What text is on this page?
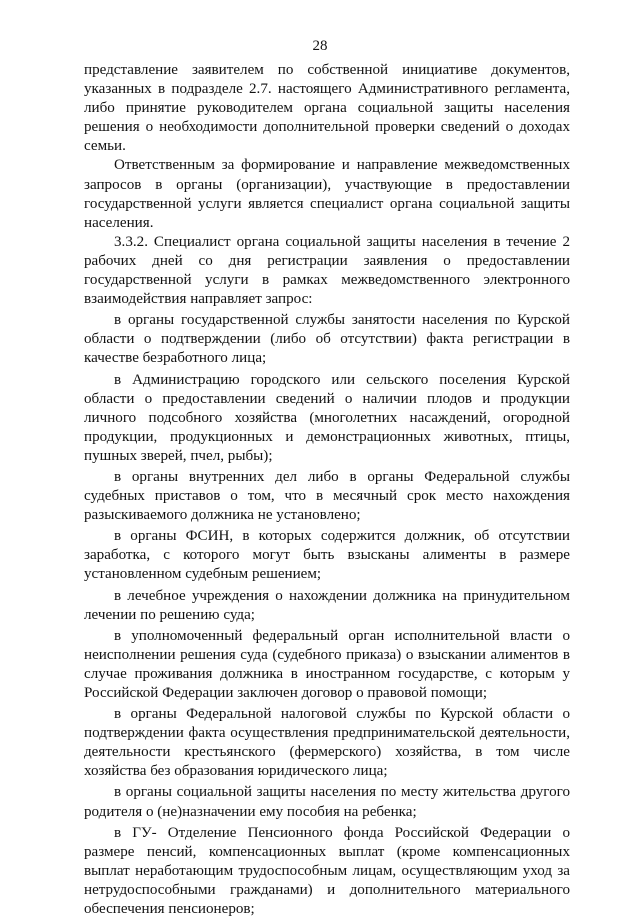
28

представление заявителем по собственной инициативе документов, указанных в подразделе 2.7. настоящего Административного регламента, либо принятие руководителем органа социальной защиты населения решения о необходимости дополнительной проверки сведений о доходах семьи.

Ответственным за формирование и направление межведомственных запросов в органы (организации), участвующие в предоставлении государственной услуги является специалист органа социальной защиты населения.

3.3.2. Специалист органа социальной защиты населения в течение 2 рабочих дней со дня регистрации заявления о предоставлении государственной услуги в рамках межведомственного электронного взаимодействия направляет запрос:

в органы государственной службы занятости населения по Курской области о подтверждении (либо об отсутствии) факта регистрации в качестве безработного лица;

в Администрацию городского или сельского поселения Курской области о предоставлении сведений о наличии плодов и продукции личного подсобного хозяйства (многолетних насаждений, огородной продукции, продукционных и демонстрационных животных, птицы, пушных зверей, пчел, рыбы);

в органы внутренних дел либо в органы Федеральной службы судебных приставов о том, что в месячный срок место нахождения разыскиваемого должника не установлено;

в органы ФСИН, в которых содержится должник, об отсутствии заработка, с которого могут быть взысканы алименты в размере установленном судебным решением;

в лечебное учреждения о нахождении должника на принудительном лечении по решению суда;

в уполномоченный федеральный орган исполнительной власти о неисполнении решения суда (судебного приказа) о взыскании алиментов в случае проживания должника в иностранном государстве, с которым у Российской Федерации заключен договор о правовой помощи;

в органы Федеральной налоговой службы по Курской области о подтверждении факта осуществления предпринимательской деятельности, деятельности крестьянского (фермерского) хозяйства, в том числе хозяйства без образования юридического лица;

в органы социальной защиты населения по месту жительства другого родителя о (не)назначении ему пособия на ребенка;

в ГУ- Отделение Пенсионного фонда Российской Федерации о размере пенсий, компенсационных выплат (кроме компенсационных выплат неработающим трудоспособным лицам, осуществляющим уход за нетрудоспособными гражданами) и дополнительного материального обеспечения пенсионеров;
